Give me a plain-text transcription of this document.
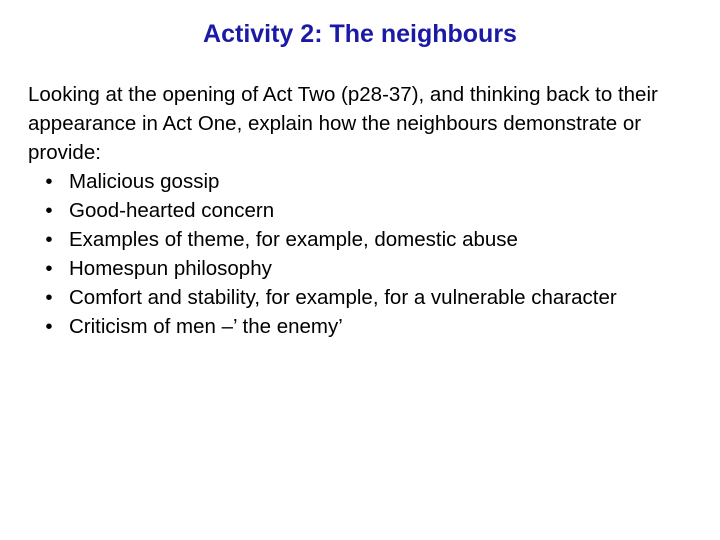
Activity 2: The neighbours

Looking at the opening of Act Two (p28-37), and thinking back to their appearance in Act One, explain how the neighbours demonstrate or provide:

• Malicious gossip
• Good-hearted concern
• Examples of theme, for example, domestic abuse
• Homespun philosophy
• Comfort and stability, for example, for a vulnerable character
• Criticism of men –’ the enemy’
